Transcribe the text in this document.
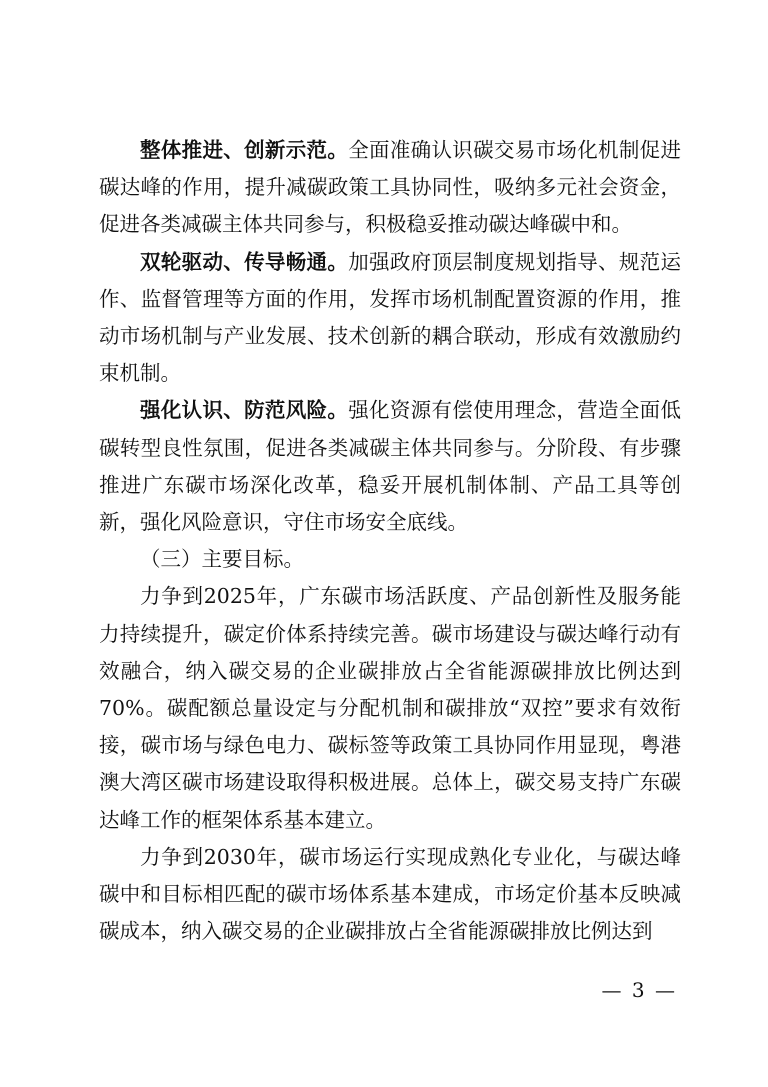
整体推进、创新示范。全面准确认识碳交易市场化机制促进碳达峰的作用，提升减碳政策工具协同性，吸纳多元社会资金，促进各类减碳主体共同参与，积极稳妥推动碳达峰碳中和。

双轮驱动、传导畅通。加强政府顶层制度规划指导、规范运作、监督管理等方面的作用，发挥市场机制配置资源的作用，推动市场机制与产业发展、技术创新的耦合联动，形成有效激励约束机制。

强化认识、防范风险。强化资源有偿使用理念，营造全面低碳转型良性氛围，促进各类减碳主体共同参与。分阶段、有步骤推进广东碳市场深化改革，稳妥开展机制体制、产品工具等创新，强化风险意识，守住市场安全底线。

（三）主要目标。

力争到2025年，广东碳市场活跃度、产品创新性及服务能力持续提升，碳定价体系持续完善。碳市场建设与碳达峰行动有效融合，纳入碳交易的企业碳排放占全省能源碳排放比例达到70%。碳配额总量设定与分配机制和碳排放“双控”要求有效衔接，碳市场与绿色电力、碳标签等政策工具协同作用显现，粤港澳大湾区碳市场建设取得积极进展。总体上，碳交易支持广东碳达峰工作的框架体系基本建立。

力争到2030年，碳市场运行实现成熟化专业化，与碳达峰碳中和目标相匹配的碳市场体系基本建成，市场定价基本反映减碳成本，纳入碳交易的企业碳排放占全省能源碳排放比例达到

— 3 —
